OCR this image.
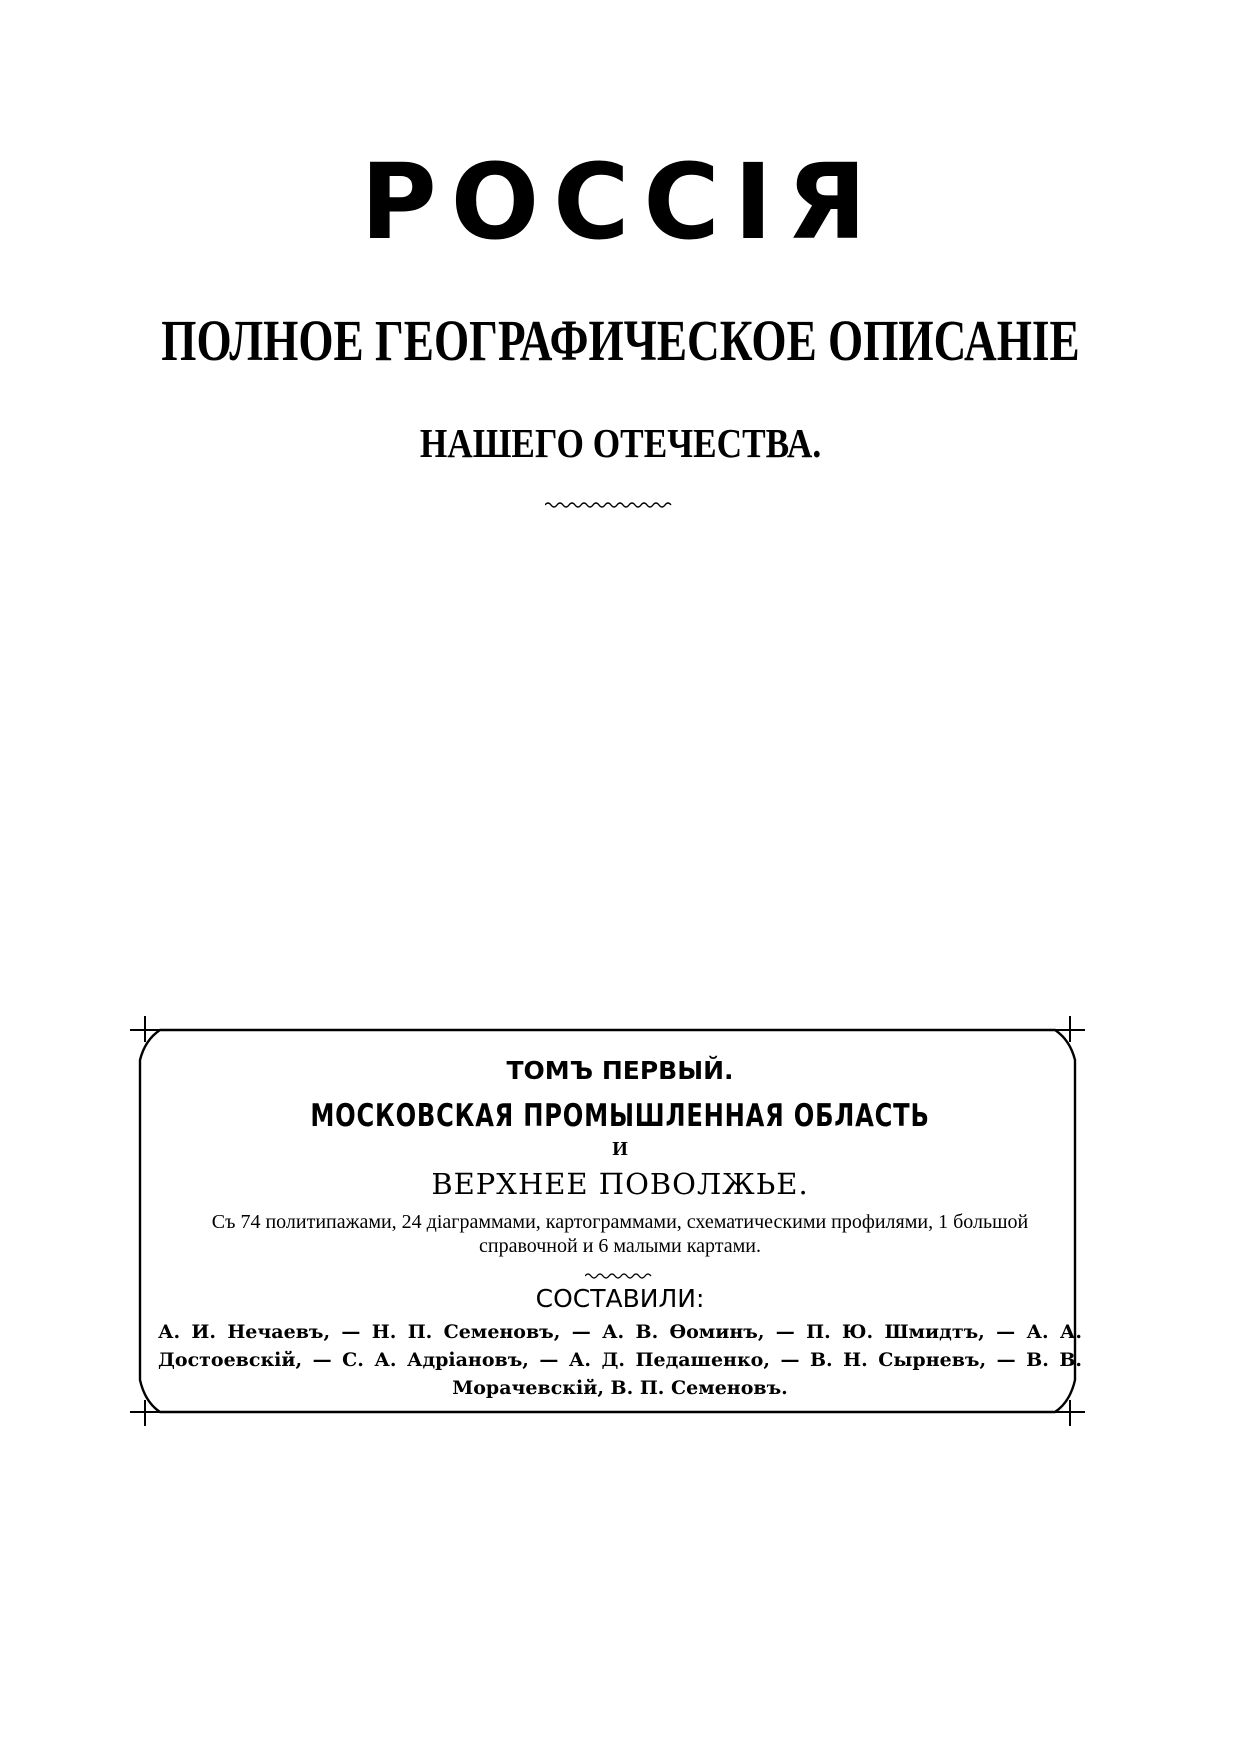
РОССІЯ
ПОЛНОЕ ГЕОГРАФИЧЕСКОЕ ОПИСАНІЕ
НАШЕГО ОТЕЧЕСТВА.
ТОМЪ ПЕРВЫЙ.
МОСКОВСКАЯ ПРОМЫШЛЕННАЯ ОБЛАСТЬ
И
ВЕРХНЕЕ ПОВОЛЖЬЕ.
Съ 74 политипажами, 24 діаграммами, картограммами, схематическими профилями, 1 большой справочной и 6 малыми картами.
СОСТАВИЛИ:
А. И. Нечаевъ, — Н. П. Семеновъ, — А. В. Ѳоминъ, — П. Ю. Шмидтъ, — А. А. Достоевскій, — С. А. Адріановъ, — А. Д. Педашенко, — В. Н. Сырневъ, — В. В. Морачевскій, В. П. Семеновъ.
